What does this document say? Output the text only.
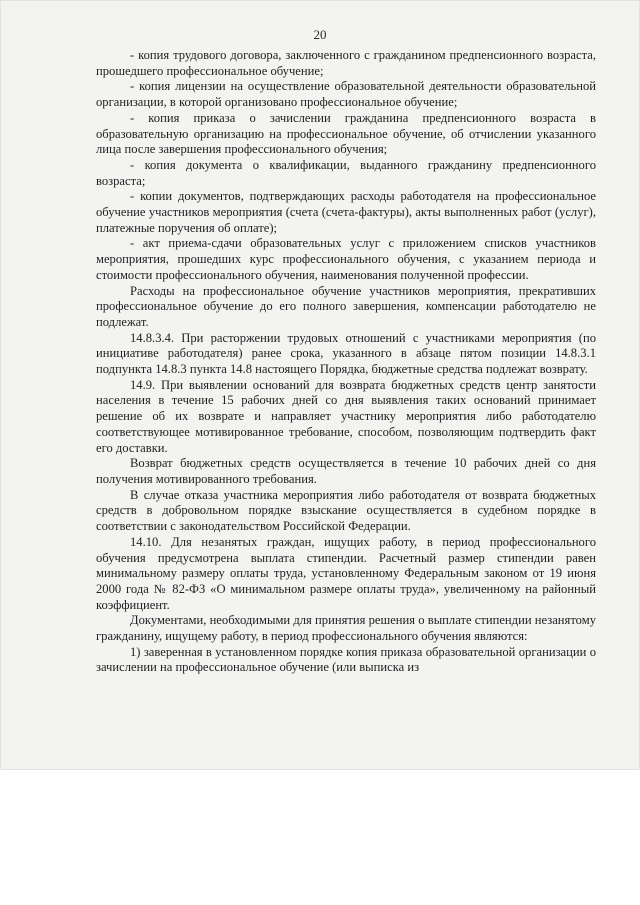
20

- копия трудового договора, заключенного с гражданином предпенсионного возраста, прошедшего профессиональное обучение;

- копия лицензии на осуществление образовательной деятельности образовательной организации, в которой организовано профессиональное обучение;

- копия приказа о зачислении гражданина предпенсионного возраста в образовательную организацию на профессиональное обучение, об отчислении указанного лица после завершения профессионального обучения;

- копия документа о квалификации, выданного гражданину предпенсионного возраста;

- копии документов, подтверждающих расходы работодателя на профессиональное обучение участников мероприятия (счета (счета-фактуры), акты выполненных работ (услуг), платежные поручения об оплате);

- акт приема-сдачи образовательных услуг с приложением списков участников мероприятия, прошедших курс профессионального обучения, с указанием периода и стоимости профессионального обучения, наименования полученной профессии.

Расходы на профессиональное обучение участников мероприятия, прекративших профессиональное обучение до его полного завершения, компенсации работодателю не подлежат.

14.8.3.4. При расторжении трудовых отношений с участниками мероприятия (по инициативе работодателя) ранее срока, указанного в абзаце пятом позиции 14.8.3.1 подпункта 14.8.3 пункта 14.8 настоящего Порядка, бюджетные средства подлежат возврату.

14.9. При выявлении оснований для возврата бюджетных средств центр занятости населения в течение 15 рабочих дней со дня выявления таких оснований принимает решение об их возврате и направляет участнику мероприятия либо работодателю соответствующее мотивированное требование, способом, позволяющим подтвердить факт его доставки.

Возврат бюджетных средств осуществляется в течение 10 рабочих дней со дня получения мотивированного требования.

В случае отказа участника мероприятия либо работодателя от возврата бюджетных средств в добровольном порядке взыскание осуществляется в судебном порядке в соответствии с законодательством Российской Федерации.

14.10. Для незанятых граждан, ищущих работу, в период профессионального обучения предусмотрена выплата стипендии. Расчетный размер стипендии равен минимальному размеру оплаты труда, установленному Федеральным законом от 19 июня 2000 года № 82-ФЗ «О минимальном размере оплаты труда», увеличенному на районный коэффициент.

Документами, необходимыми для принятия решения о выплате стипендии незанятому гражданину, ищущему работу, в период профессионального обучения являются:

1) заверенная в установленном порядке копия приказа образовательной организации о зачислении на профессиональное обучение (или выписка из
